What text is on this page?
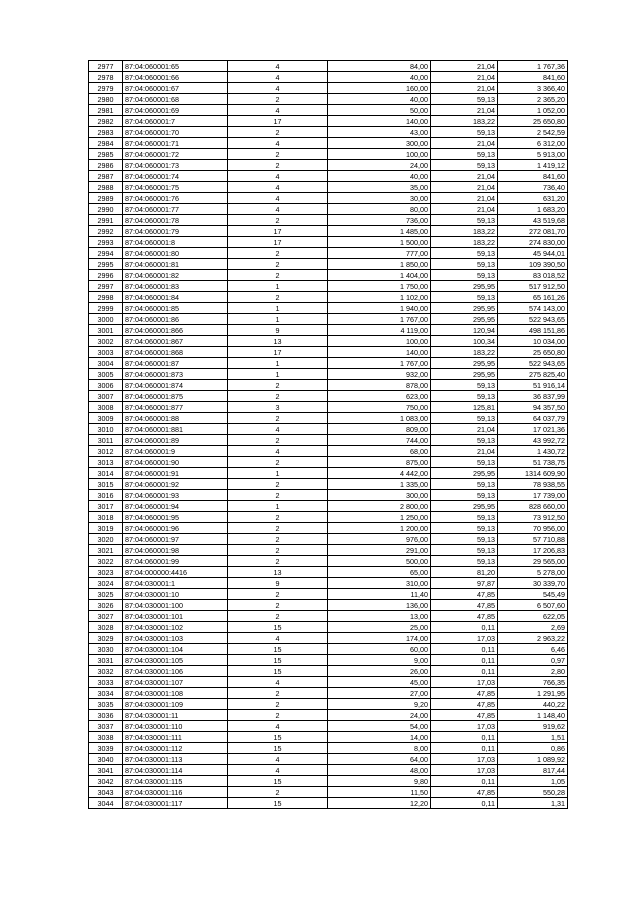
2977	87:04:060001:65	4	84,00	21,04	1 767,36
2978	87:04:060001:66	4	40,00	21,04	841,60
2979	87:04:060001:67	4	160,00	21,04	3 366,40
2980	87:04:060001:68	2	40,00	59,13	2 365,20
2981	87:04:060001:69	4	50,00	21,04	1 052,00
2982	87:04:060001:7	17	140,00	183,22	25 650,80
2983	87:04:060001:70	2	43,00	59,13	2 542,59
2984	87:04:060001:71	4	300,00	21,04	6 312,00
2985	87:04:060001:72	2	100,00	59,13	5 913,00
2986	87:04:060001:73	2	24,00	59,13	1 419,12
2987	87:04:060001:74	4	40,00	21,04	841,60
2988	87:04:060001:75	4	35,00	21,04	736,40
2989	87:04:060001:76	4	30,00	21,04	631,20
2990	87:04:060001:77	4	80,00	21,04	1 683,20
2991	87:04:060001:78	2	736,00	59,13	43 519,68
2992	87:04:060001:79	17	1 485,00	183,22	272 081,70
2993	87:04:060001:8	17	1 500,00	183,22	274 830,00
2994	87:04:060001:80	2	777,00	59,13	45 944,01
2995	87:04:060001:81	2	1 850,00	59,13	109 390,50
2996	87:04:060001:82	2	1 404,00	59,13	83 018,52
2997	87:04:060001:83	1	1 750,00	295,95	517 912,50
2998	87:04:060001:84	2	1 102,00	59,13	65 161,26
2999	87:04:060001:85	1	1 940,00	295,95	574 143,00
3000	87:04:060001:86	1	1 767,00	295,95	522 943,65
3001	87:04:060001:866	9	4 119,00	120,94	498 151,86
3002	87:04:060001:867	13	100,00	100,34	10 034,00
3003	87:04:060001:868	17	140,00	183,22	25 650,80
3004	87:04:060001:87	1	1 767,00	295,95	522 943,65
3005	87:04:060001:873	1	932,00	295,95	275 825,40
3006	87:04:060001:874	2	878,00	59,13	51 916,14
3007	87:04:060001:875	2	623,00	59,13	36 837,99
3008	87:04:060001:877	3	750,00	125,81	94 357,50
3009	87:04:060001:88	2	1 083,00	59,13	64 037,79
3010	87:04:060001:881	4	809,00	21,04	17 021,36
3011	87:04:060001:89	2	744,00	59,13	43 992,72
3012	87:04:060001:9	4	68,00	21,04	1 430,72
3013	87:04:060001:90	2	875,00	59,13	51 738,75
3014	87:04:060001:91	1	4 442,00	295,95	1314 609,90
3015	87:04:060001:92	2	1 335,00	59,13	78 938,55
3016	87:04:060001:93	2	300,00	59,13	17 739,00
3017	87:04:060001:94	1	2 800,00	295,95	828 660,00
3018	87:04:060001:95	2	1 250,00	59,13	73 912,50
3019	87:04:060001:96	2	1 200,00	59,13	70 956,00
3020	87:04:060001:97	2	976,00	59,13	57 710,88
3021	87:04:060001:98	2	291,00	59,13	17 206,83
3022	87:04:060001:99	2	500,00	59,13	29 565,00
3023	87:04:000000:4416	13	65,00	81,20	5 278,00
3024	87:04:030001:1	9	310,00	97,87	30 339,70
3025	87:04:030001:10	2	11,40	47,85	545,49
3026	87:04:030001:100	2	136,00	47,85	6 507,60
3027	87:04:030001:101	2	13,00	47,85	622,05
3028	87:04:030001:102	15	25,00	0,11	2,69
3029	87:04:030001:103	4	174,00	17,03	2 963,22
3030	87:04:030001:104	15	60,00	0,11	6,46
3031	87:04:030001:105	15	9,00	0,11	0,97
3032	87:04:030001:106	15	26,00	0,11	2,80
3033	87:04:030001:107	4	45,00	17,03	766,35
3034	87:04:030001:108	2	27,00	47,85	1 291,95
3035	87:04:030001:109	2	9,20	47,85	440,22
3036	87:04:030001:11	2	24,00	47,85	1 148,40
3037	87:04:030001:110	4	54,00	17,03	919,62
3038	87:04:030001:111	15	14,00	0,11	1,51
3039	87:04:030001:112	15	8,00	0,11	0,86
3040	87:04:030001:113	4	64,00	17,03	1 089,92
3041	87:04:030001:114	4	48,00	17,03	817,44
3042	87:04:030001:115	15	9,80	0,11	1,05
3043	87:04:030001:116	2	11,50	47,85	550,28
3044	87:04:030001:117	15	12,20	0,11	1,31
